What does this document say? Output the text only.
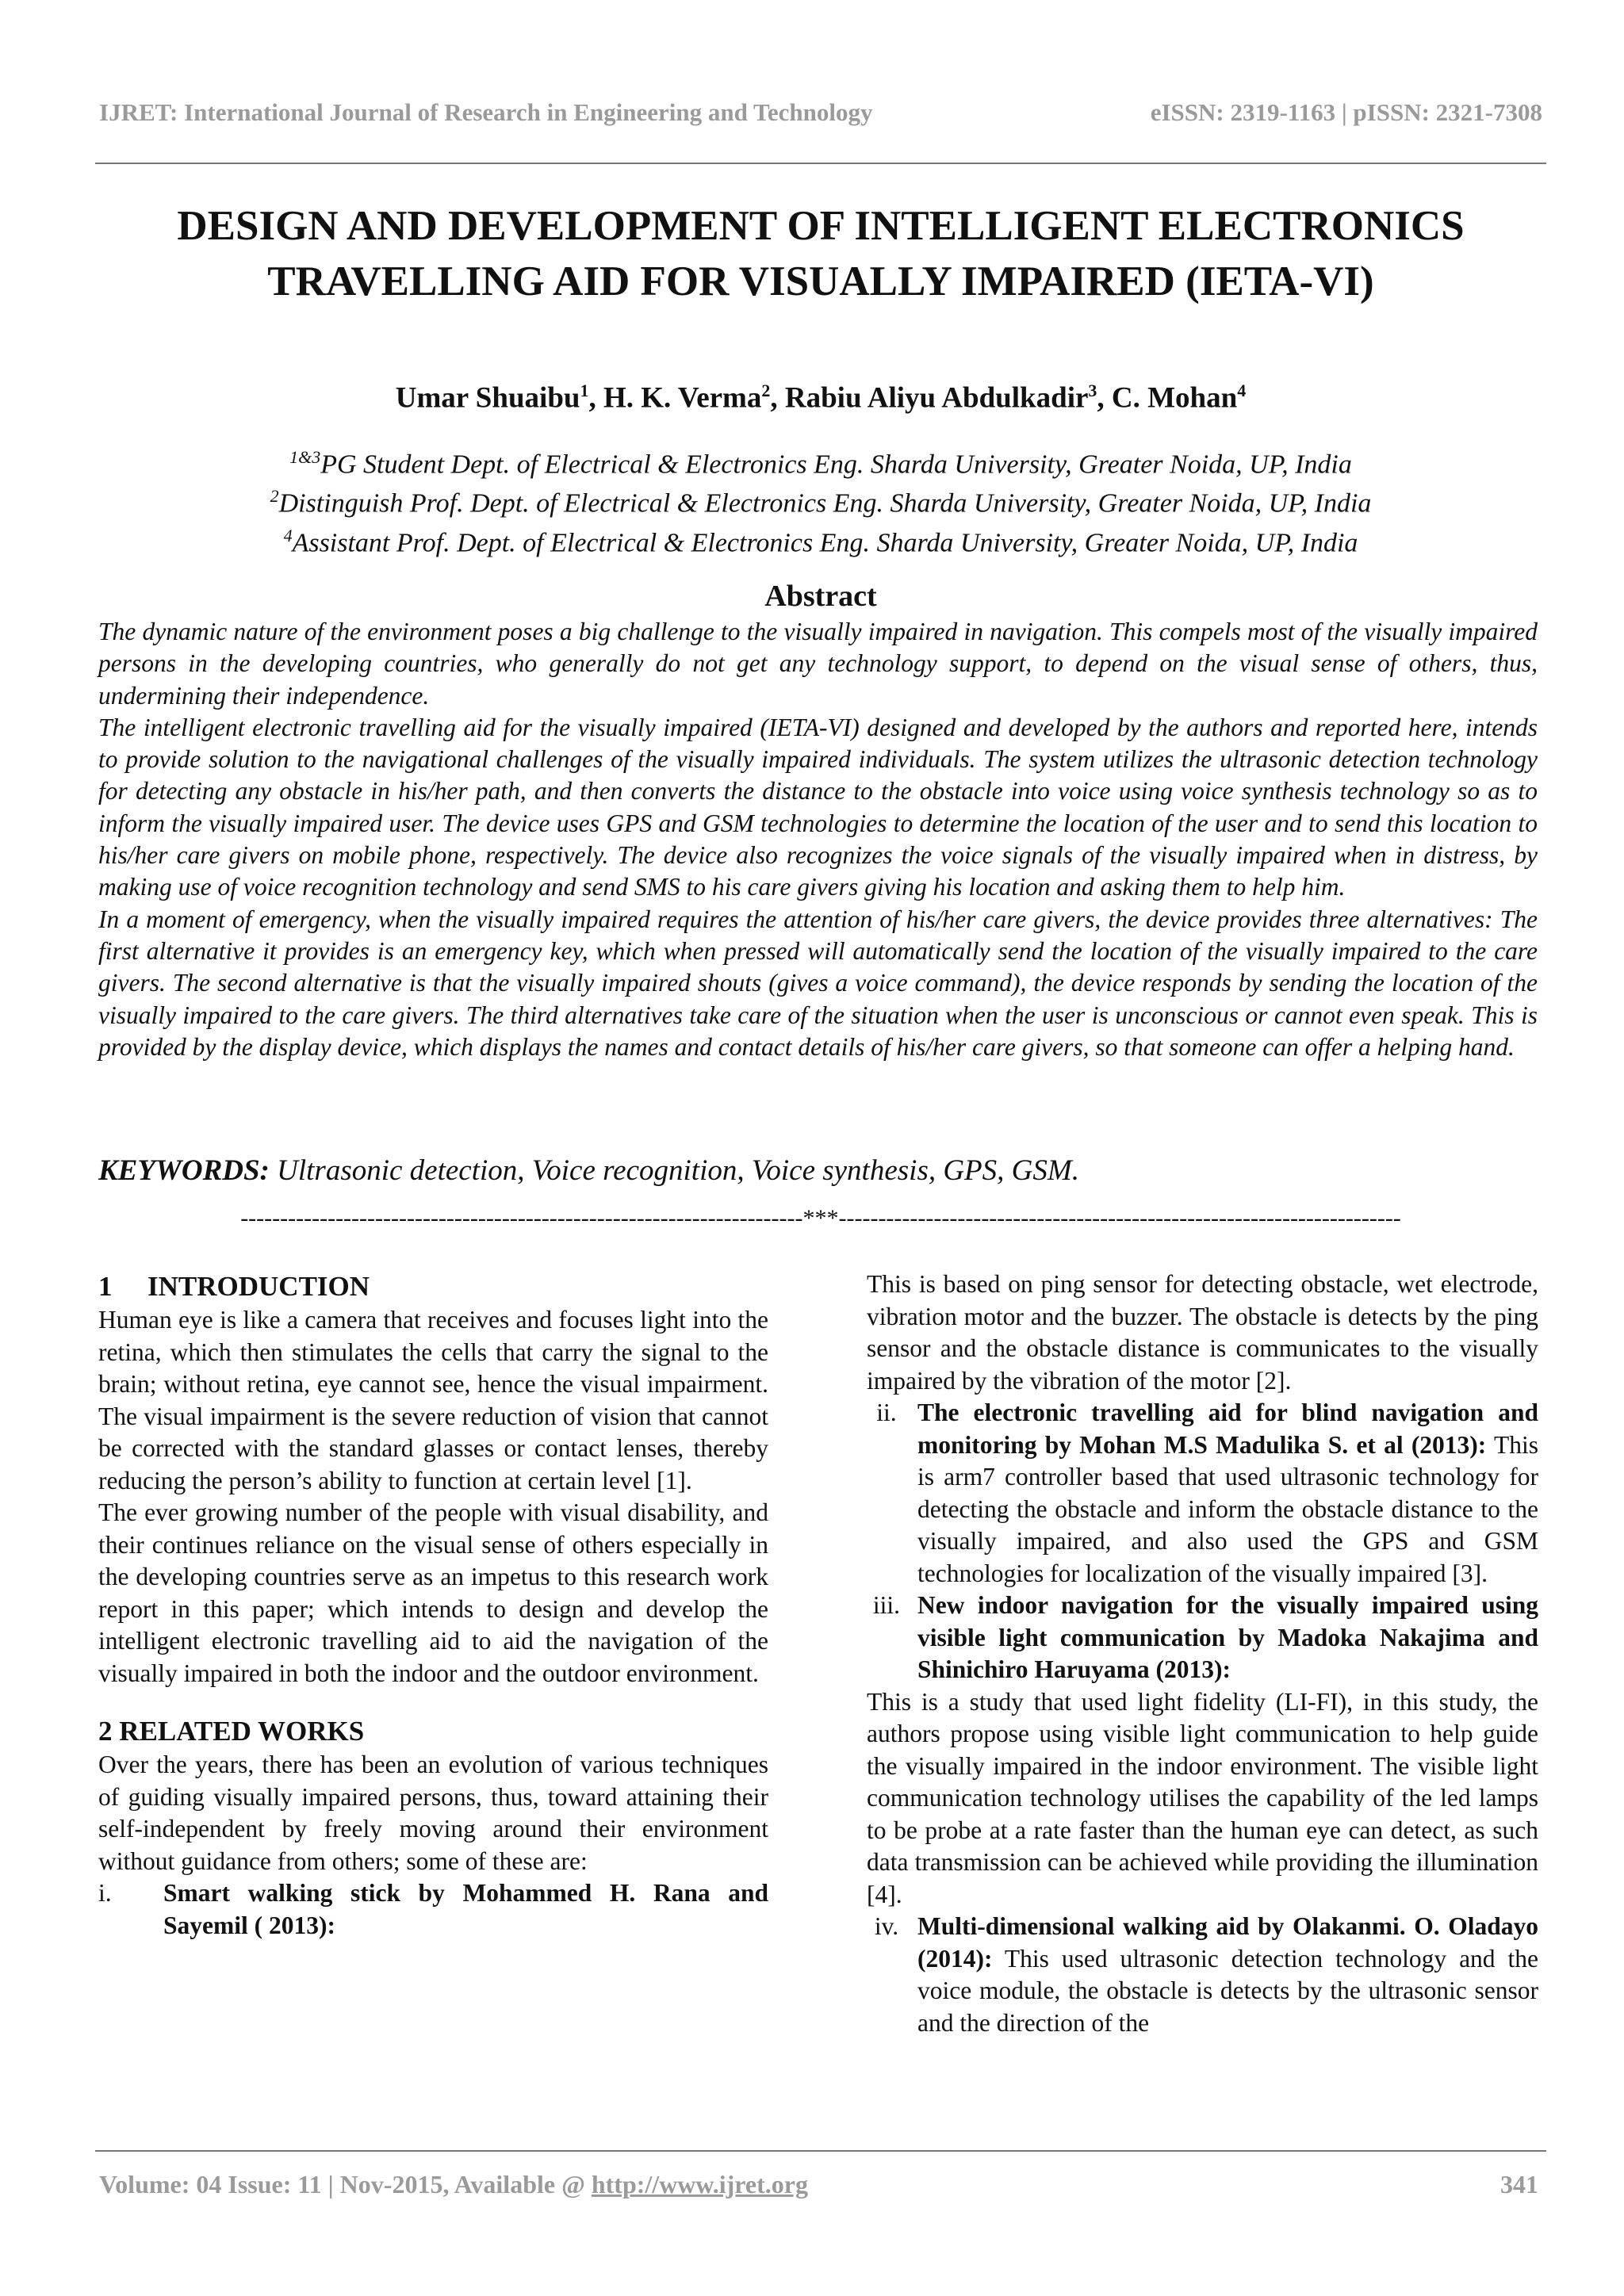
IJRET: International Journal of Research in Engineering and Technology	eISSN: 2319-1163 | pISSN: 2321-7308
DESIGN AND DEVELOPMENT OF INTELLIGENT ELECTRONICS
TRAVELLING AID FOR VISUALLY IMPAIRED (IETA-VI)
Umar Shuaibu$^1$, H. K. Verma$^2$, Rabiu Aliyu Abdulkadir$^3$, C. Mohan$^4$
$^{1\&3}$PG Student Dept. of Electrical & Electronics Eng. Sharda University, Greater Noida, UP, India
$^2$Distinguish Prof. Dept. of Electrical & Electronics Eng. Sharda University, Greater Noida, UP, India
$^4$Assistant Prof. Dept. of Electrical & Electronics Eng. Sharda University, Greater Noida, UP, India
Abstract

The dynamic nature of the environment poses a big challenge to the visually impaired in navigation. This compels most of the visually impaired persons in the developing countries, who generally do not get any technology support, to depend on the visual sense of others, thus, undermining their independence.

The intelligent electronic travelling aid for the visually impaired (IETA-VI) designed and developed by the authors and reported here, intends to provide solution to the navigational challenges of the visually impaired individuals. The system utilizes the ultrasonic detection technology for detecting any obstacle in his/her path, and then converts the distance to the obstacle into voice using voice synthesis technology so as to inform the visually impaired user. The device uses GPS and GSM technologies to determine the location of the user and to send this location to his/her care givers on mobile phone, respectively. The device also recognizes the voice signals of the visually impaired when in distress, by making use of voice recognition technology and send SMS to his care givers giving his location and asking them to help him.

In a moment of emergency, when the visually impaired requires the attention of his/her care givers, the device provides three alternatives: The first alternative it provides is an emergency key, which when pressed will automatically send the location of the visually impaired to the care givers. The second alternative is that the visually impaired shouts (gives a voice command), the device responds by sending the location of the visually impaired to the care givers. The third alternatives take care of the situation when the user is unconscious or cannot even speak. This is provided by the display device, which displays the names and contact details of his/her care givers, so that someone can offer a helping hand.

KEYWORDS: Ultrasonic detection, Voice recognition, Voice synthesis, GPS, GSM.
-----------------------------------------------------------------------***-----------------------------------------------------------------------

1 INTRODUCTION

Human eye is like a camera that receives and focuses light into the retina, which then stimulates the cells that carry the signal to the brain; without retina, eye cannot see, hence the visual impairment. The visual impairment is the severe reduction of vision that cannot be corrected with the standard glasses or contact lenses, thereby reducing the person’s ability to function at certain level [1].

The ever growing number of the people with visual disability, and their continues reliance on the visual sense of others especially in the developing countries serve as an impetus to this research work report in this paper; which intends to design and develop the intelligent electronic travelling aid to aid the navigation of the visually impaired in both the indoor and the outdoor environment.

2 RELATED WORKS

Over the years, there has been an evolution of various techniques of guiding visually impaired persons, thus, toward attaining their self-independent by freely moving around their environment without guidance from others; some of these are:

i.	Smart walking stick by Mohammed H. Rana and Sayemil ( 2013):

This is based on ping sensor for detecting obstacle, wet electrode, vibration motor and the buzzer. The obstacle is detects by the ping sensor and the obstacle distance is communicates to the visually impaired by the vibration of the motor [2].

ii. The electronic travelling aid for blind navigation and monitoring by Mohan M.S Madulika S. et al (2013): This is arm7 controller based that used ultrasonic technology for detecting the obstacle and inform the obstacle distance to the visually impaired, and also used the GPS and GSM technologies for localization of the visually impaired [3].
iii. New indoor navigation for the visually impaired using visible light communication by Madoka Nakajima and Shinichiro Haruyama (2013):

This is a study that used light fidelity (LI-FI), in this study, the authors propose using visible light communication to help guide the visually impaired in the indoor environment. The visible light communication technology utilises the capability of the led lamps to be probe at a rate faster than the human eye can detect, as such data transmission can be achieved while providing the illumination [4].

iv. Multi-dimensional walking aid by Olakanmi. O. Oladayo (2014): This used ultrasonic detection technology and the voice module, the obstacle is detects by the ultrasonic sensor and the direction of the
Volume: 04 Issue: 11 | Nov-2015, Available @ http://www.ijret.org	341
